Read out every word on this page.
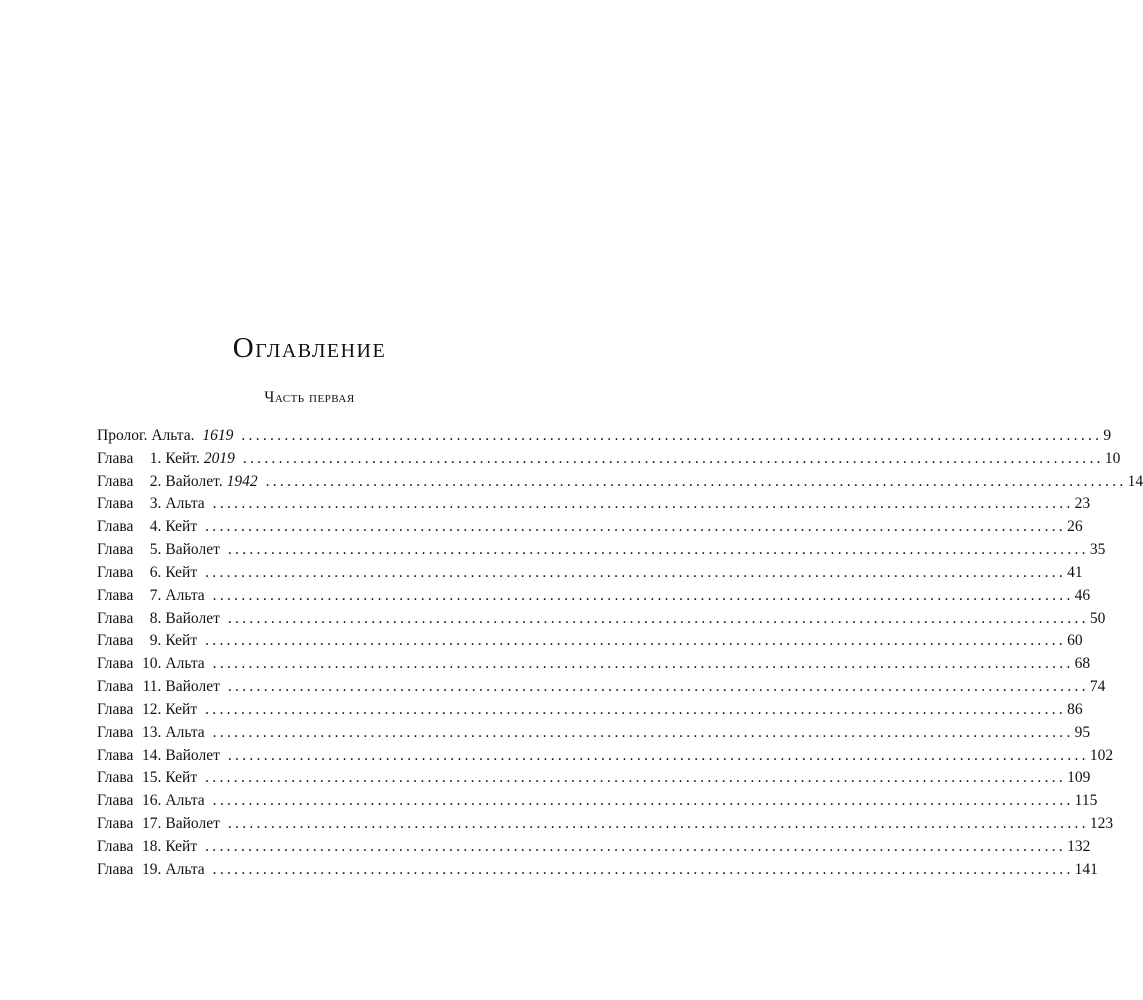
Оглавление
Часть первая
Пролог. Альта. 1619 ........................................................................................................................ 9
Глава 1. Кейт. 2019 ........................................................................................................................ 10
Глава 2. Вайолет. 1942 ........................................................................................................................ 14
Глава 3. Альта ........................................................................................................................ 23
Глава 4. Кейт ........................................................................................................................ 26
Глава 5. Вайолет ........................................................................................................................ 35
Глава 6. Кейт ........................................................................................................................ 41
Глава 7. Альта ........................................................................................................................ 46
Глава 8. Вайолет ........................................................................................................................ 50
Глава 9. Кейт ........................................................................................................................ 60
Глава 10. Альта ........................................................................................................................ 68
Глава 11. Вайолет ........................................................................................................................ 74
Глава 12. Кейт ........................................................................................................................ 86
Глава 13. Альта ........................................................................................................................ 95
Глава 14. Вайолет ........................................................................................................................ 102
Глава 15. Кейт ........................................................................................................................ 109
Глава 16. Альта ........................................................................................................................ 115
Глава 17. Вайолет ........................................................................................................................ 123
Глава 18. Кейт ........................................................................................................................ 132
Глава 19. Альта ........................................................................................................................ 141
